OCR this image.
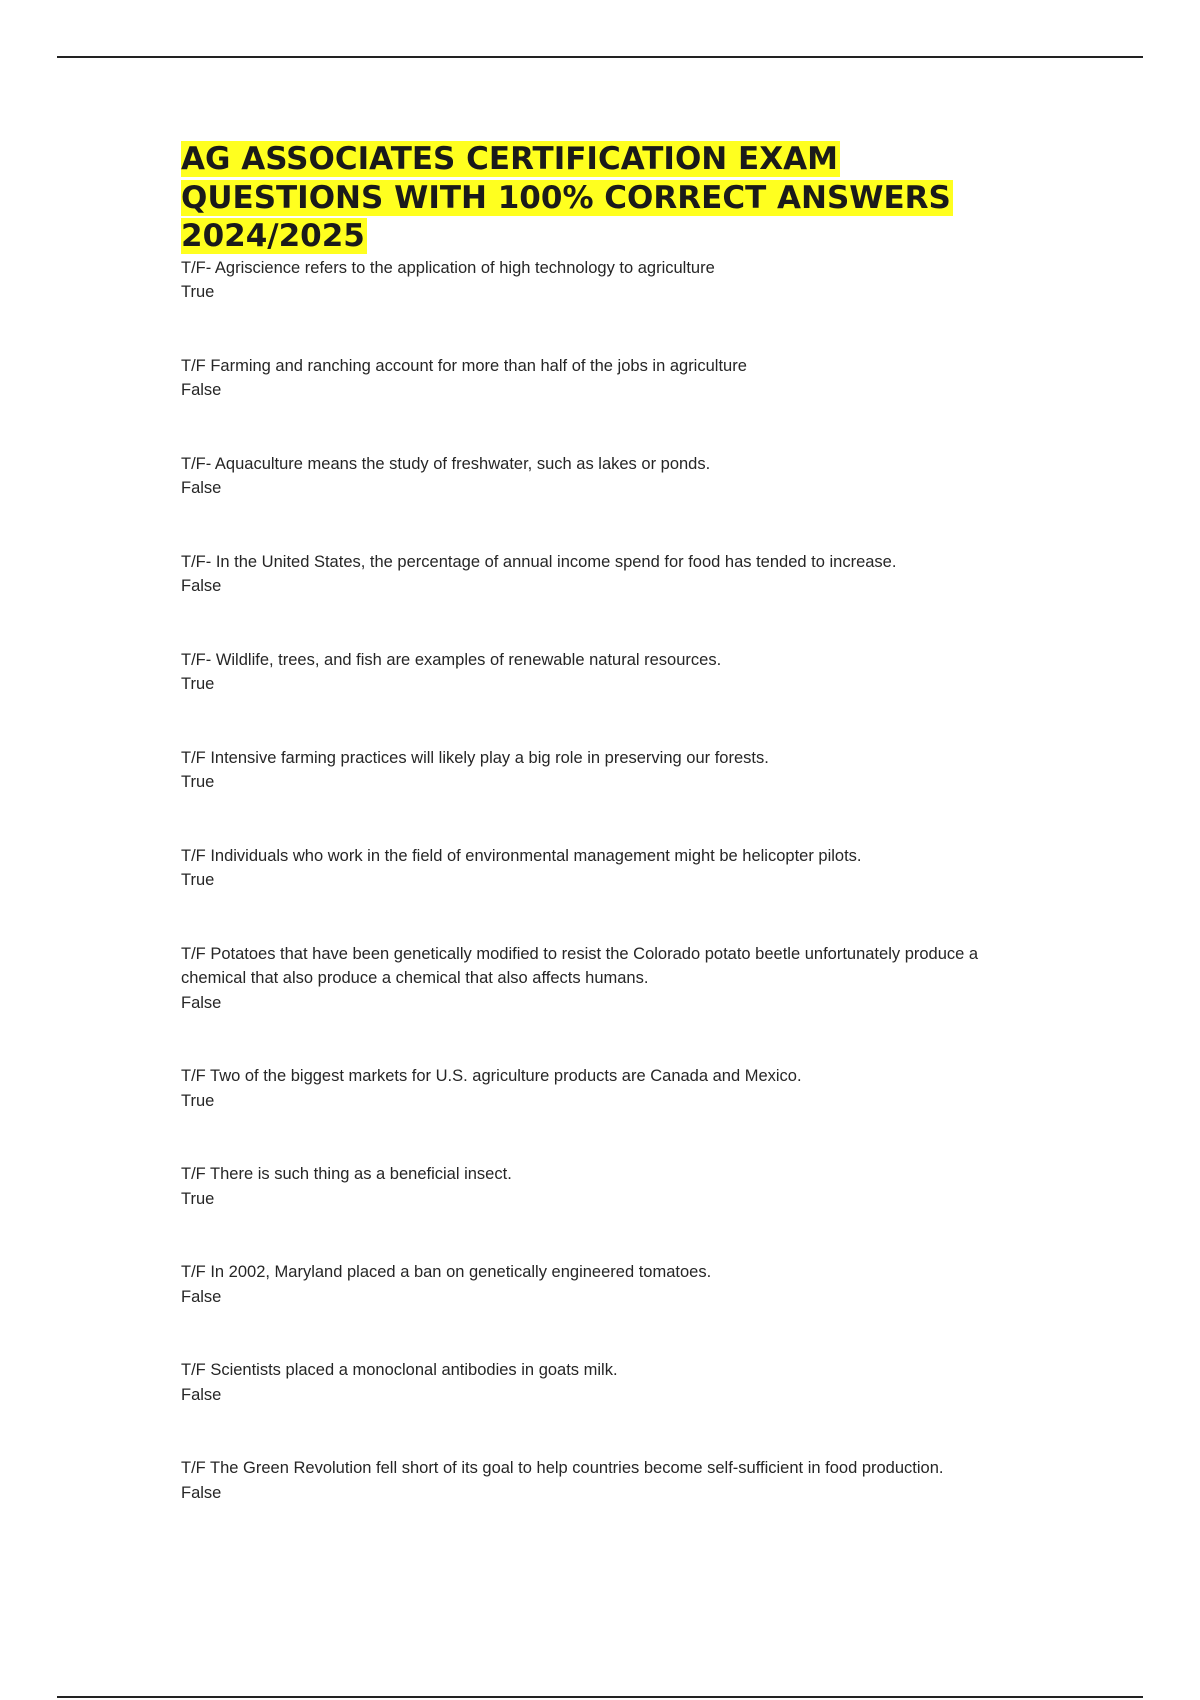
AG ASSOCIATES CERTIFICATION EXAM QUESTIONS WITH 100% CORRECT ANSWERS 2024/2025

T/F- Agriscience refers to the application of high technology to agriculture
True

T/F Farming and ranching account for more than half of the jobs in agriculture
False

T/F- Aquaculture means the study of freshwater, such as lakes or ponds.
False

T/F- In the United States, the percentage of annual income spend for food has tended to increase.
False

T/F- Wildlife, trees, and fish are examples of renewable natural resources.
True

T/F Intensive farming practices will likely play a big role in preserving our forests.
True

T/F Individuals who work in the field of environmental management might be helicopter pilots.
True

T/F Potatoes that have been genetically modified to resist the Colorado potato beetle unfortunately produce a chemical that also produce a chemical that also affects humans.
False

T/F Two of the biggest markets for U.S. agriculture products are Canada and Mexico.
True

T/F There is such thing as a beneficial insect.
True

T/F In 2002, Maryland placed a ban on genetically engineered tomatoes.
False

T/F Scientists placed a monoclonal antibodies in goats milk.
False

T/F The Green Revolution fell short of its goal to help countries become self-sufficient in food production.
False
